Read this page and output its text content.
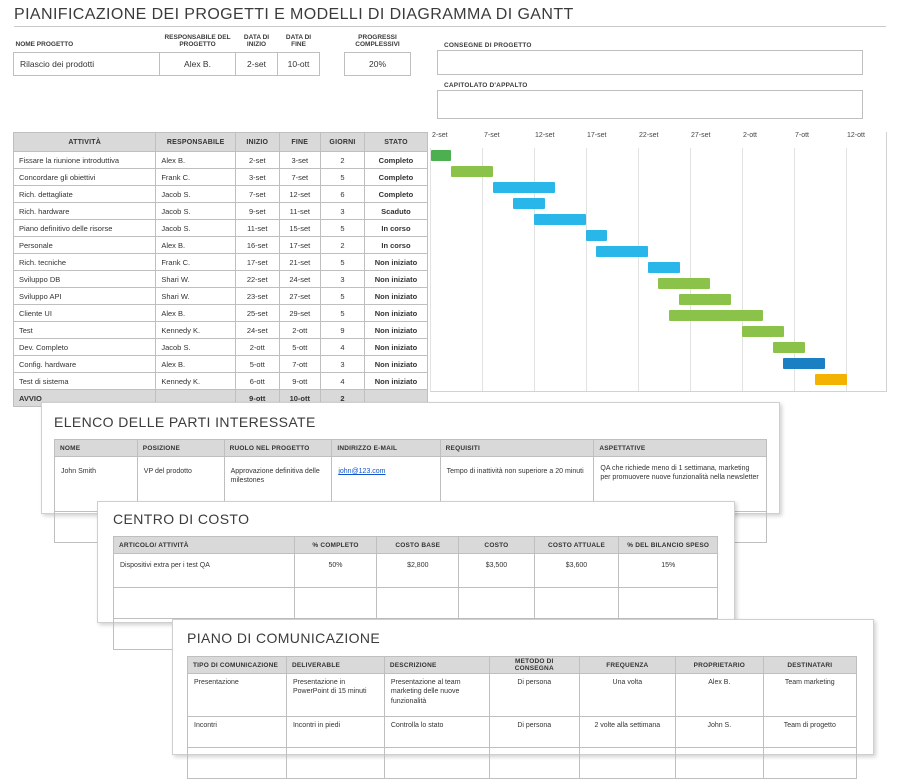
PIANIFICAZIONE DEI PROGETTI E MODELLI DI DIAGRAMMA DI GANTT
NOME PROGETTO	RESPONSABILE DEL PROGETTO	DATA DI INIZIO	DATA DI FINE		PROGRESSI COMPLESSIVI
Rilascio dei prodotti	Alex B.	2-set	10-ott		20%
CONSEGNE DI PROGETTO
CAPITOLATO D'APPALTO
ATTIVITÀ	RESPONSABILE	INIZIO	FINE	GIORNI	STATO
Fissare la riunione introduttiva	Alex B.	2-set	3-set	2	Completo
Concordare gli obiettivi	Frank C.	3-set	7-set	5	Completo
Rich. dettagliate	Jacob S.	7-set	12-set	6	Completo
Rich. hardware	Jacob S.	9-set	11-set	3	Scaduto
Piano definitivo delle risorse	Jacob S.	11-set	15-set	5	In corso
Personale	Alex B.	16-set	17-set	2	In corso
Rich. tecniche	Frank C.	17-set	21-set	5	Non iniziato
Sviluppo DB	Shari W.	22-set	24-set	3	Non iniziato
Sviluppo API	Shari W.	23-set	27-set	5	Non iniziato
Cliente UI	Alex B.	25-set	29-set	5	Non iniziato
Test	Kennedy K.	24-set	2-ott	9	Non iniziato
Dev. Completo	Jacob S.	2-ott	5-ott	4	Non iniziato
Config. hardware	Alex B.	5-ott	7-ott	3	Non iniziato
Test di sistema	Kennedy K.	6-ott	9-ott	4	Non iniziato
AVVIO		9-ott	10-ott	2	
2-set	7-set	12-set	17-set	22-set	27-set	2-ott	7-ott	12-ott
ELENCO DELLE PARTI INTERESSATE
NOME	POSIZIONE	RUOLO NEL PROGETTO	INDIRIZZO E-MAIL	REQUISITI	ASPETTATIVE
John Smith	VP del prodotto	Approvazione definitiva delle milestones	john@123.com	Tempo di inattività non superiore a 20 minuti	QA che richiede meno di 1 settimana, marketing per promuovere nuove funzionalità nella newsletter

CENTRO DI COSTO
ARTICOLO/ ATTIVITÀ	% COMPLETO	COSTO BASE	COSTO	COSTO ATTUALE	% DEL BILANCIO SPESO
Dispositivi extra per i test QA	50%	$2,800	$3,500	$3,600	15%

PIANO DI COMUNICAZIONE
TIPO DI COMUNICAZIONE	DELIVERABLE	DESCRIZIONE	METODO DI CONSEGNA	FREQUENZA	PROPRIETARIO	DESTINATARI
Presentazione	Presentazione in PowerPoint di 15 minuti	Presentazione al team marketing delle nuove funzionalità	Di persona	Una volta	Alex B.	Team marketing
Incontri	Incontri in piedi	Controlla lo stato	Di persona	2 volte alla settimana	John S.	Team di progetto
